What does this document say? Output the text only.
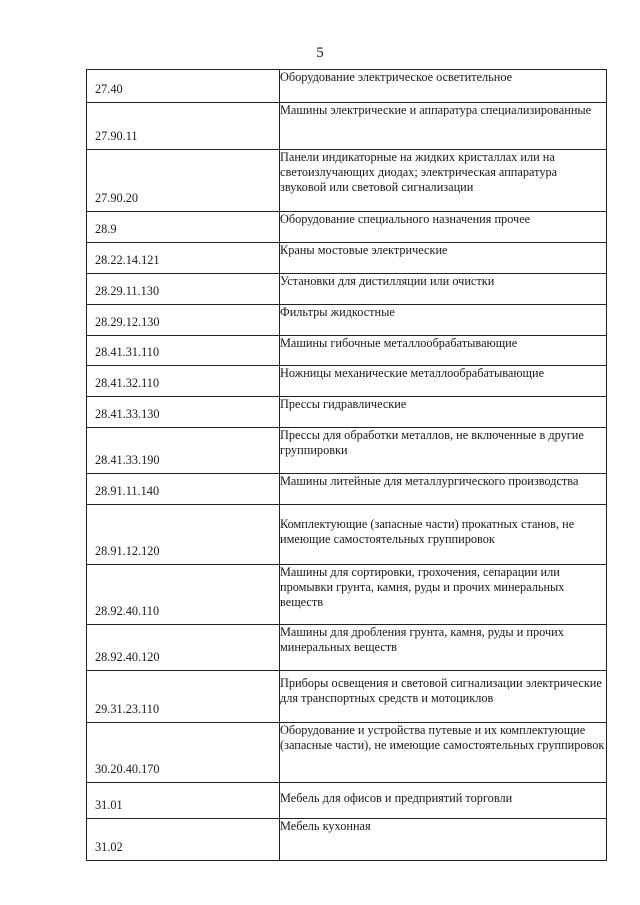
5
27.40	Оборудование электрическое осветительное

27.90.11	Машины электрические и аппаратура специализированные

27.90.20	Панели индикаторные на жидких кристаллах или на светоизлучающих диодах; электрическая аппаратура звуковой или световой сигнализации

28.9	Оборудование специального назначения прочее

28.22.14.121	Краны мостовые электрические

28.29.11.130	Установки для дистилляции или очистки

28.29.12.130	Фильтры жидкостные

28.41.31.110	Машины гибочные металлообрабатывающие

28.41.32.110	Ножницы механические металлообрабатывающие

28.41.33.130	Прессы гидравлические

28.41.33.190	Прессы для обработки металлов, не включенные в другие группировки

28.91.11.140	Машины литейные для металлургического производства

28.91.12.120	Комплектующие (запасные части) прокатных станов, не имеющие самостоятельных группировок

28.92.40.110	Машины для сортировки, грохочения, сепарации или промывки грунта, камня, руды и прочих минеральных веществ

28.92.40.120	Машины для дробления грунта, камня, руды и прочих минеральных веществ

29.31.23.110	Приборы освещения и световой сигнализации электрические для транспортных средств и мотоциклов

30.20.40.170	Оборудование и устройства путевые и их комплектующие (запасные части), не имеющие самостоятельных группировок

31.01	Мебель для офисов и предприятий торговли

31.02	Мебель кухонная
